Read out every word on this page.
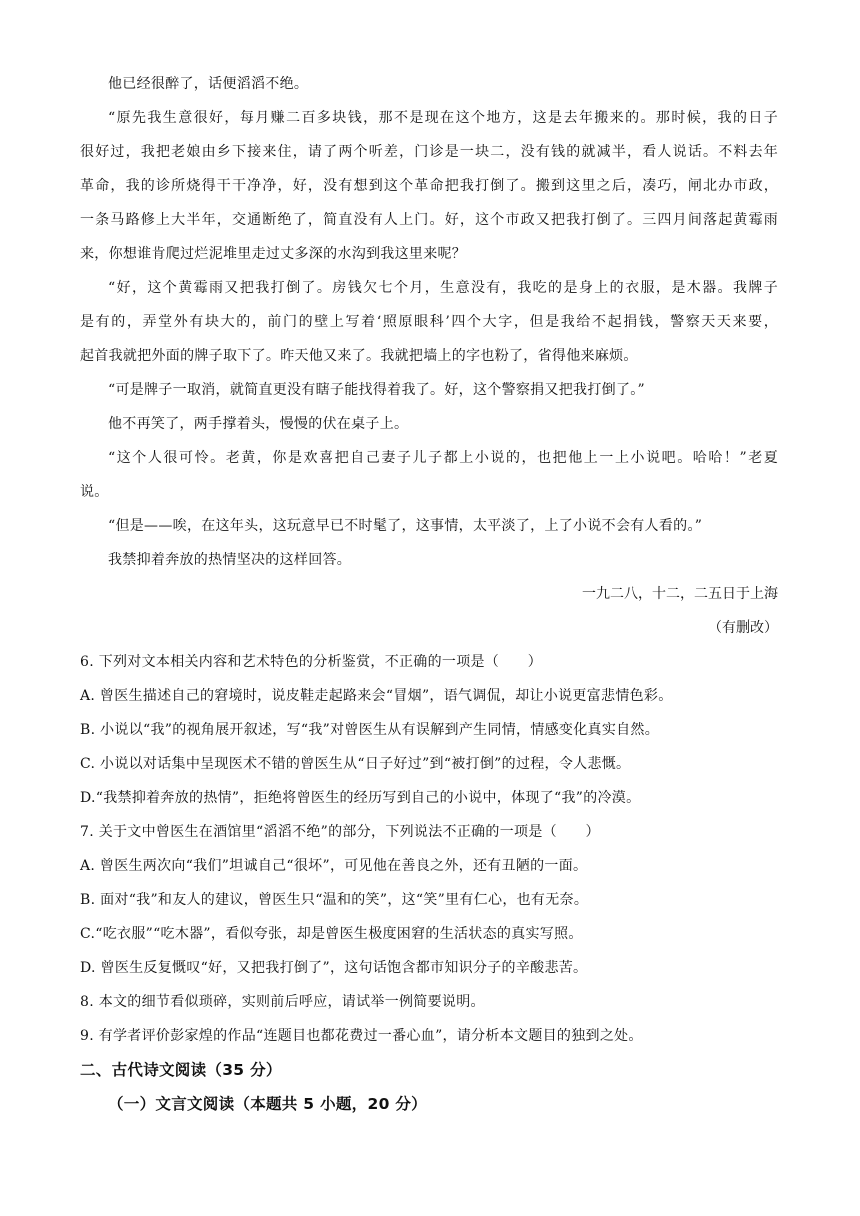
他已经很醉了，话便滔滔不绝。
“原先我生意很好，每月赚二百多块钱，那不是现在这个地方，这是去年搬来的。那时候，我的日子
很好过，我把老娘由乡下接来住，请了两个听差，门诊是一块二，没有钱的就减半，看人说话。不料去年
革命，我的诊所烧得干干净净，好，没有想到这个革命把我打倒了。搬到这里之后，凑巧，闸北办市政，
一条马路修上大半年，交通断绝了，简直没有人上门。好，这个市政又把我打倒了。三四月间落起黄霉雨
来，你想谁肯爬过烂泥堆里走过丈多深的水沟到我这里来呢？
“好，这个黄霉雨又把我打倒了。房钱欠七个月，生意没有，我吃的是身上的衣服，是木器。我牌子
是有的，弄堂外有块大的，前门的壁上写着‘照原眼科’四个大字，但是我给不起捐钱，警察天天来要，
起首我就把外面的牌子取下了。昨天他又来了。我就把墙上的字也粉了，省得他来麻烦。
“可是牌子一取消，就简直更没有瞎子能找得着我了。好，这个警察捐又把我打倒了。”
他不再笑了，两手撑着头，慢慢的伏在桌子上。
“这个人很可怜。老黄，你是欢喜把自己妻子儿子都上小说的，也把他上一上小说吧。哈哈！”老夏
说。
“但是——唉，在这年头，这玩意早已不时髦了，这事情，太平淡了，上了小说不会有人看的。”
我禁抑着奔放的热情坚决的这样回答。
一九二八，十二，二五日于上海
（有删改）
6. 下列对文本相关内容和艺术特色的分析鉴赏，不正确的一项是（　　）
A. 曾医生描述自己的窘境时，说皮鞋走起路来会“冒烟”，语气调侃，却让小说更富悲情色彩。
B. 小说以“我”的视角展开叙述，写“我”对曾医生从有误解到产生同情，情感变化真实自然。
C. 小说以对话集中呈现医术不错的曾医生从“日子好过”到“被打倒”的过程，令人悲慨。
D.“我禁抑着奔放的热情”，拒绝将曾医生的经历写到自己的小说中，体现了“我”的冷漠。
7. 关于文中曾医生在酒馆里“滔滔不绝”的部分，下列说法不正确的一项是（　　）
A. 曾医生两次向“我们”坦诚自己“很坏”，可见他在善良之外，还有丑陋的一面。
B. 面对“我”和友人的建议，曾医生只“温和的笑”，这“笑”里有仁心，也有无奈。
C.“吃衣服”“吃木器”，看似夸张，却是曾医生极度困窘的生活状态的真实写照。
D. 曾医生反复慨叹“好，又把我打倒了”，这句话饱含都市知识分子的辛酸悲苦。
8. 本文的细节看似琐碎，实则前后呼应，请试举一例简要说明。
9. 有学者评价彭家煌的作品“连题目也都花费过一番心血”，请分析本文题目的独到之处。
二、古代诗文阅读（35 分）
（一）文言文阅读（本题共 5 小题，20 分）
